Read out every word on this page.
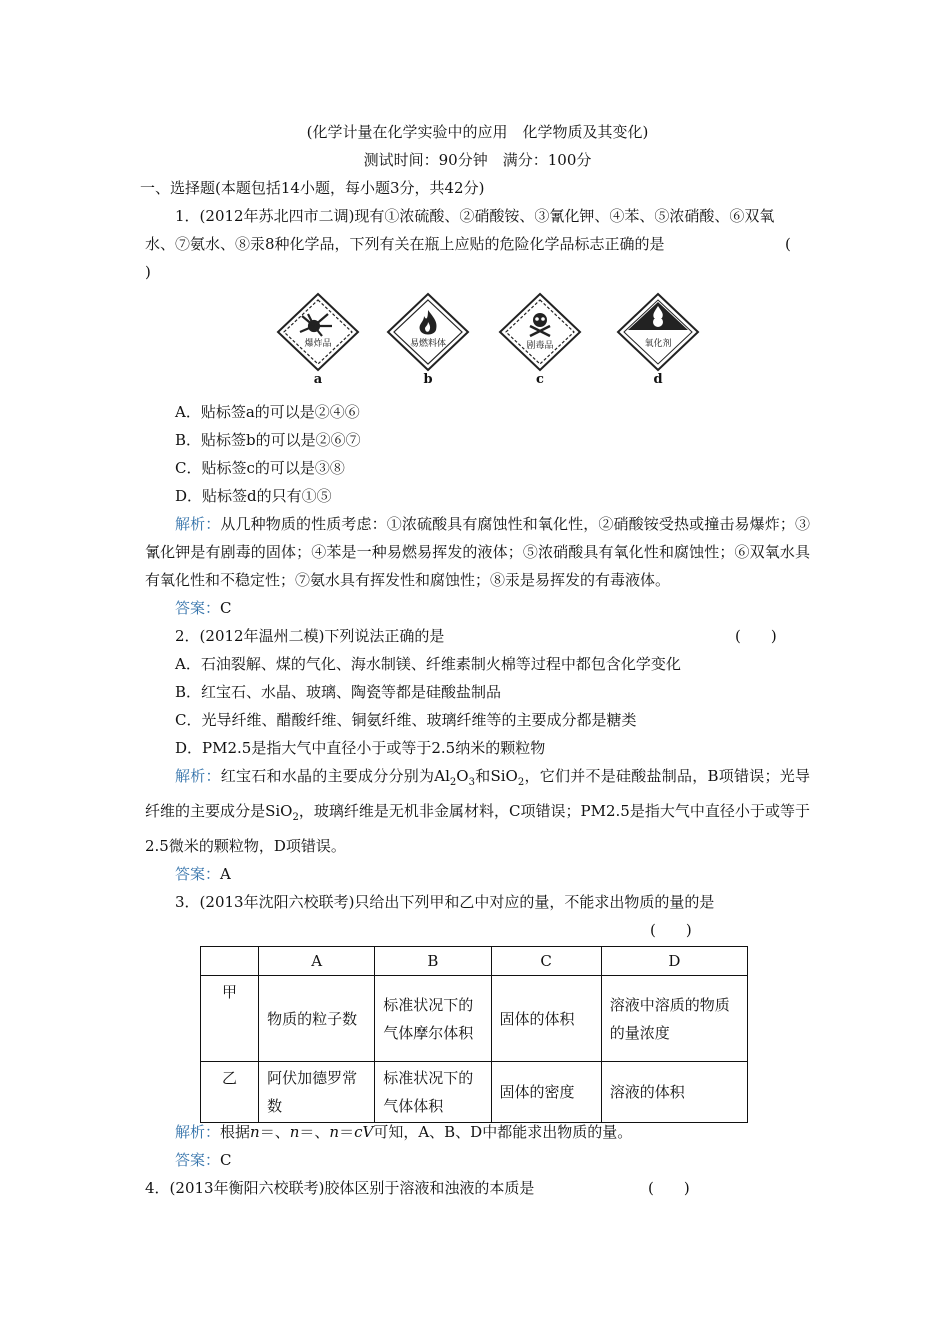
(化学计量在化学实验中的应用　化学物质及其变化)
测试时间：90分钟　满分：100分
一、选择题(本题包括14小题，每小题3分，共42分)
1．(2012年苏北四市二调)现有①浓硫酸、②硝酸铵、③氰化钾、④苯、⑤浓硝酸、⑥双氧
水、⑦氨水、⑧汞8种化学品，下列有关在瓶上应贴的危险化学品标志正确的是	(
)
爆炸品
a
易燃料体
b
剧毒品
c
氧化剂
d
A．贴标签a的可以是②④⑥
B．贴标签b的可以是②⑥⑦
C．贴标签c的可以是③⑧
D．贴标签d的只有①⑤
解析：从几种物质的性质考虑：①浓硫酸具有腐蚀性和氧化性，②硝酸铵受热或撞击易爆炸；③氰化钾是有剧毒的固体；④苯是一种易燃易挥发的液体；⑤浓硝酸具有氧化性和腐蚀性；⑥双氧水具有氧化性和不稳定性；⑦氨水具有挥发性和腐蚀性；⑧汞是易挥发的有毒液体。
答案：C
2．(2012年温州二模)下列说法正确的是	(　　)
A．石油裂解、煤的气化、海水制镁、纤维素制火棉等过程中都包含化学变化
B．红宝石、水晶、玻璃、陶瓷等都是硅酸盐制品
C．光导纤维、醋酸纤维、铜氨纤维、玻璃纤维等的主要成分都是糖类
D．PM2.5是指大气中直径小于或等于2.5纳米的颗粒物
解析：红宝石和水晶的主要成分分别为$Al_2O_3$和SiO$_2$，它们并不是硅酸盐制品，B项错误；光导纤维的主要成分是SiO$_2$，玻璃纤维是无机非金属材料，C项错误；PM2.5是指大气中直径小于或等于2.5微米的颗粒物，D项错误。
答案：A
3．(2013年沈阳六校联考)只给出下列甲和乙中对应的量，不能求出物质的量的是
(　　)
	A	B	C	D
甲	物质的粒子数	标准状况下的气体摩尔体积	固体的体积	溶液中溶质的物质的量浓度
乙	阿伏加德罗常数	标准状况下的气体体积	固体的密度	溶液的体积
解析：根据n＝、n＝、n＝cV可知，A、B、D中都能求出物质的量。
答案：C
4．(2013年衡阳六校联考)胶体区别于溶液和浊液的本质是	(　　)
